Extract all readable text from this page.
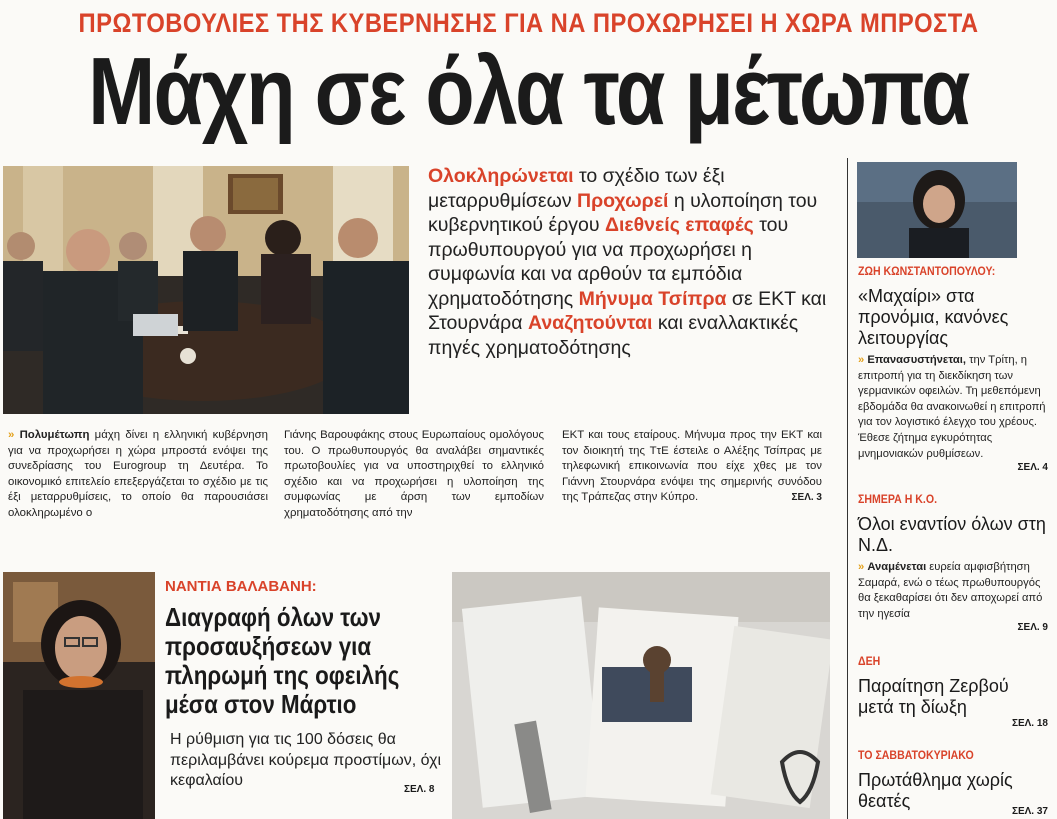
ΠΡΩΤΟΒΟΥΛΙΕΣ ΤΗΣ ΚΥΒΕΡΝΗΣΗΣ ΓΙΑ ΝΑ ΠΡΟΧΩΡΗΣΕΙ Η ΧΩΡΑ ΜΠΡΟΣΤΑ
Μάχη σε όλα τα μέτωπα
Ολοκληρώνεται το σχέδιο των έξι μεταρρυθμίσεων Προχωρεί η υλοποίηση του κυβερνητικού έργου Διεθνείς επαφές του πρωθυπουργού για να προχωρήσει η συμφωνία και να αρθούν τα εμπόδια χρηματοδότησης Μήνυμα Τσίπρα σε ΕΚΤ και Στουρνάρα Αναζητούνται και εναλλακτικές πηγές χρηματοδότησης
» Πολυμέτωπη μάχη δίνει η ελληνική κυβέρνηση για να προχωρήσει η χώρα μπροστά ενόψει της συνεδρίασης του Eurogroup τη Δευτέρα. Το οικονομικό επιτελείο επεξεργάζεται το σχέδιο με τις έξι μεταρρυθμίσεις, το οποίο θα παρουσιάσει ολοκληρωμένο ο
Γιάνης Βαρουφάκης στους Ευρωπαίους ομολόγους του. Ο πρωθυπουργός θα αναλάβει σημαντικές πρωτοβουλίες για να υποστηριχθεί το ελληνικό σχέδιο και να προχωρήσει η υλοποίηση της συμφωνίας με άρση των εμποδίων χρηματοδότησης από την
ΕΚΤ και τους εταίρους. Μήνυμα προς την ΕΚΤ και τον διοικητή της ΤτΕ έστειλε ο Αλέξης Τσίπρας με τηλεφωνική επικοινωνία που είχε χθες με τον Γιάννη Στουρνάρα ενόψει της σημερινής συνόδου της Τράπεζας στην Κύπρο.	ΣΕΛ. 3
ΖΩΗ ΚΩΝΣΤΑΝΤΟΠΟΥΛΟΥ:
«Μαχαίρι» στα προνόμια, κανόνες λειτουργίας
» Επανασυστήνεται, την Τρίτη, η επιτροπή για τη διεκδίκηση των γερμανικών οφειλών. Τη μεθεπόμενη εβδομάδα θα ανακοινωθεί η επιτροπή για τον λογιστικό έλεγχο του χρέους. Έθεσε ζήτημα εγκυρότητας μνημονιακών ρυθμίσεων.
ΣΕΛ. 4
ΣΗΜΕΡΑ Η Κ.Ο.
Όλοι εναντίον όλων στη Ν.Δ.
» Αναμένεται ευρεία αμφισβήτηση Σαμαρά, ενώ ο τέως πρωθυπουργός θα ξεκαθαρίσει ότι δεν αποχωρεί από την ηγεσία
ΣΕΛ. 9
ΔΕΗ
Παραίτηση Ζερβού μετά τη δίωξη
ΣΕΛ. 18
ΤΟ ΣΑΒΒΑΤΟΚΥΡΙΑΚΟ
Πρωτάθλημα χωρίς θεατές
ΣΕΛ. 37
ΝΑΝΤΙΑ ΒΑΛΑΒΑΝΗ:
Διαγραφή όλων των προσαυξήσεων για πληρωμή της οφειλής μέσα στον Μάρτιο
Η ρύθμιση για τις 100 δόσεις θα περιλαμβάνει κούρεμα προστίμων, όχι κεφαλαίου
ΣΕΛ. 8
